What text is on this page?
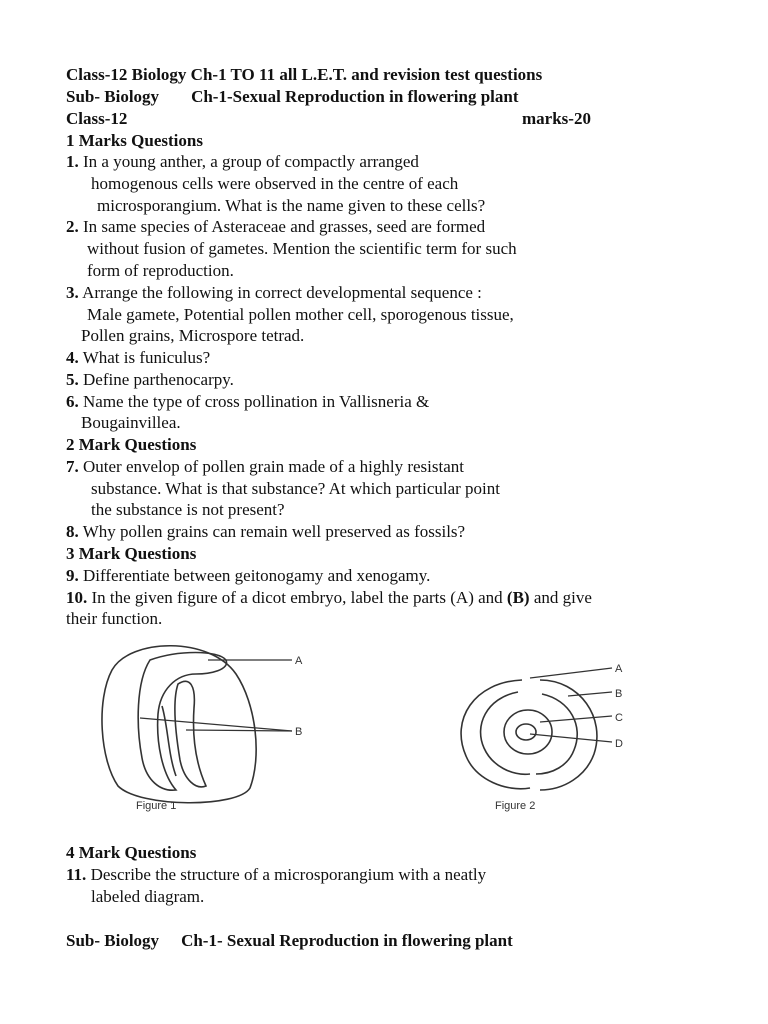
Class-12 Biology Ch-1 TO 11 all L.E.T. and revision test questions
Sub- Biology Ch-1-Sexual Reproduction in flowering plant
Class-12	marks-20
1 Marks Questions
1. In a young anther, a group of compactly arranged
homogenous cells were observed in the centre of each
microsporangium. What is the name given to these cells?
2. In same species of Asteraceae and grasses, seed are formed
without fusion of gametes. Mention the scientific term for such
form of reproduction.
3. Arrange the following in correct developmental sequence :
Male gamete, Potential pollen mother cell, sporogenous tissue,
Pollen grains, Microspore tetrad.
4. What is funiculus?
5. Define parthenocarpy.
6. Name the type of cross pollination in Vallisneria &
Bougainvillea.
2 Mark Questions
7. Outer envelop of pollen grain made of a highly resistant
substance. What is that substance? At which particular point
the substance is not present?
8. Why pollen grains can remain well preserved as fossils?
3 Mark Questions
9. Differentiate between geitonogamy and xenogamy.
10. In the given figure of a dicot embryo, label the parts (A) and (B) and give
their function.
A
B
Figure 1
A
B
C
D
Figure 2
4 Mark Questions
11. Describe the structure of a microsporangium with a neatly
labeled diagram.
Sub- Biology Ch-1- Sexual Reproduction in flowering plant
